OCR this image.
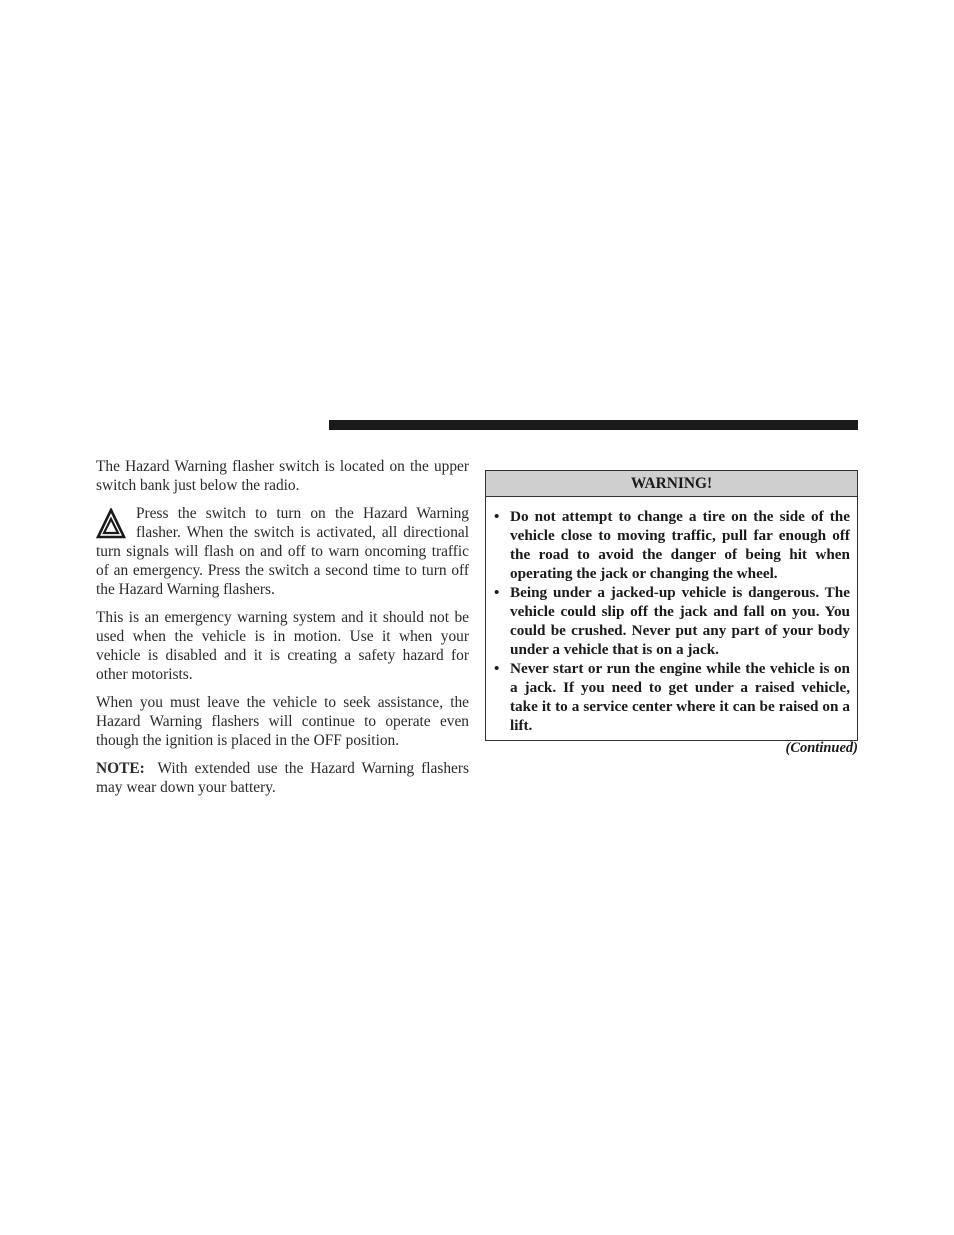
The Hazard Warning flasher switch is located on the upper switch bank just below the radio.

Press the switch to turn on the Hazard Warning flasher. When the switch is activated, all directional turn signals will flash on and off to warn oncoming traffic of an emergency. Press the switch a second time to turn off the Hazard Warning flashers.

This is an emergency warning system and it should not be used when the vehicle is in motion. Use it when your vehicle is disabled and it is creating a safety hazard for other motorists.

When you must leave the vehicle to seek assistance, the Hazard Warning flashers will continue to operate even though the ignition is placed in the OFF position.

NOTE: With extended use the Hazard Warning flashers may wear down your battery.

WARNING!
• Do not attempt to change a tire on the side of the vehicle close to moving traffic, pull far enough off the road to avoid the danger of being hit when operating the jack or changing the wheel.
• Being under a jacked-up vehicle is dangerous. The vehicle could slip off the jack and fall on you. You could be crushed. Never put any part of your body under a vehicle that is on a jack.
• Never start or run the engine while the vehicle is on a jack. If you need to get under a raised vehicle, take it to a service center where it can be raised on a lift.
(Continued)
